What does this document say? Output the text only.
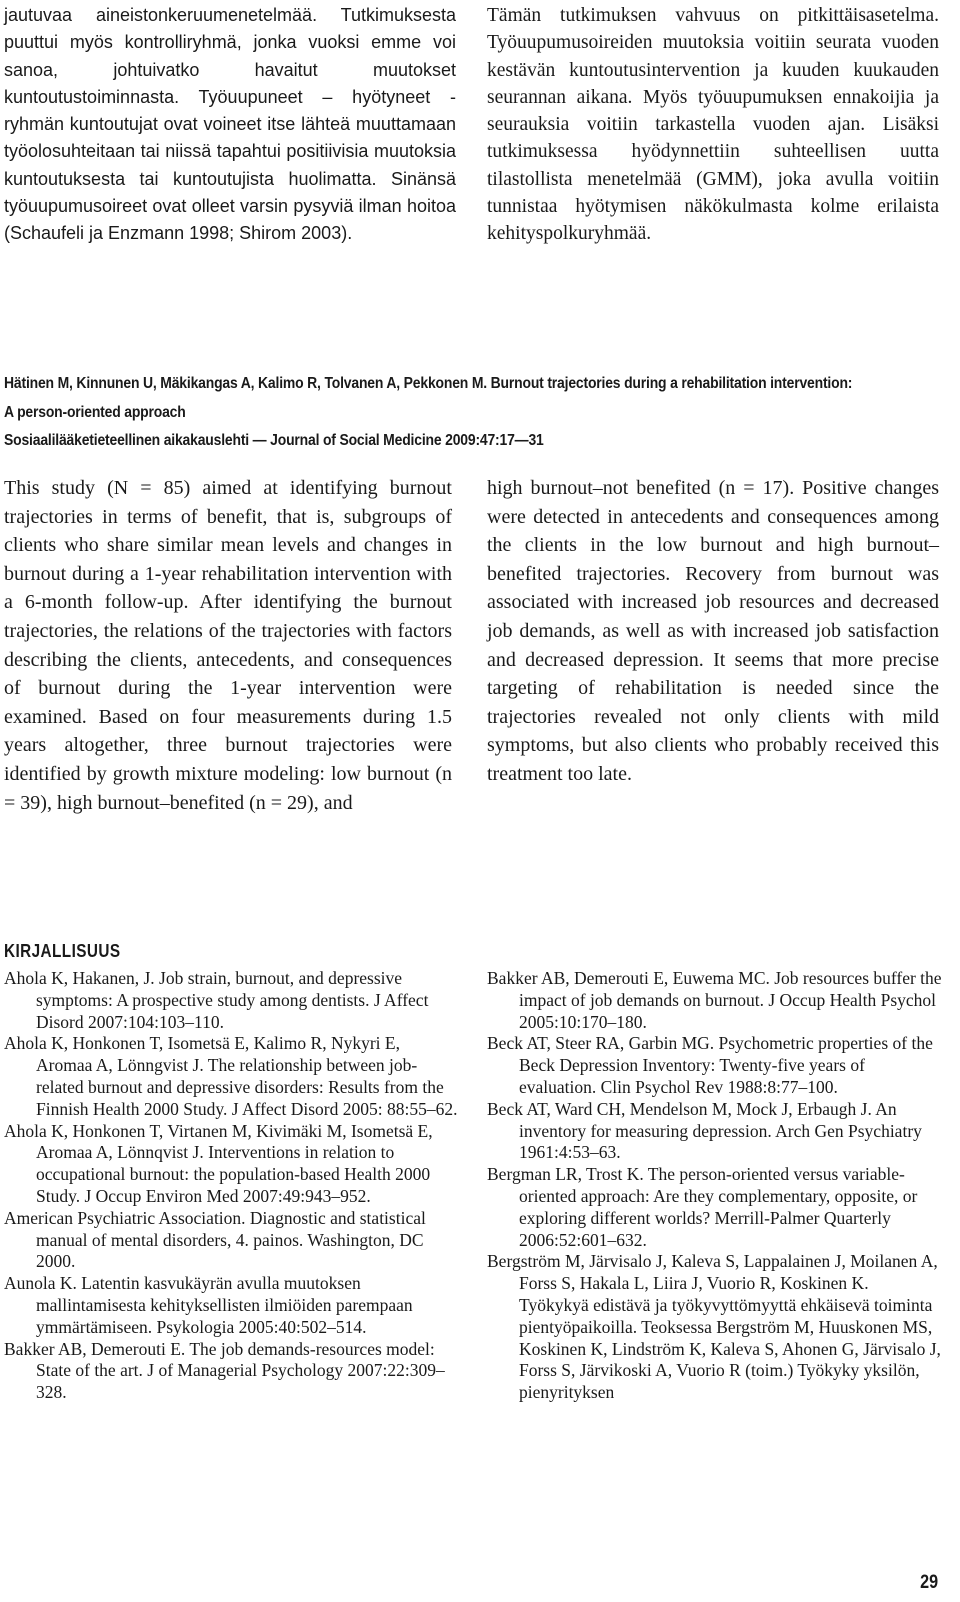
jautuvaa aineistonkeruumenetelmää. Tutkimuksesta puuttui myös kontrolliryhmä, jonka vuoksi emme voi sanoa, johtuivatko havaitut muutokset kuntoutustoiminnasta. Työuupuneet – hyötyneet -ryhmän kuntoutujat ovat voineet itse lähteä muuttamaan työolosuhteitaan tai niissä tapahtui positiivisia muutoksia kuntoutuksesta tai kuntoutujista huolimatta. Sinänsä työuupumusoireet ovat olleet varsin pysyviä ilman hoitoa (Schaufeli ja Enzmann 1998; Shirom 2003).

Tämän tutkimuksen vahvuus on pitkittäisasetelma. Työuupumusoireiden muutoksia voitiin seurata vuoden kestävän kuntoutusintervention ja kuuden kuukauden seurannan aikana. Myös työuupumuksen ennakoijia ja seurauksia voitiin tarkastella vuoden ajan. Lisäksi tutkimuksessa hyödynnettiin suhteellisen uutta tilastollista menetelmää (GMM), joka avulla voitiin tunnistaa hyötymisen näkökulmasta kolme erilaista kehityspolkuryhmää.

Hätinen M, Kinnunen U, Mäkikangas A, Kalimo R, Tolvanen A, Pekkonen M. Burnout trajectories during a rehabilitation intervention:
A person-oriented approach
Sosiaalilääketieteellinen aikakauslehti — Journal of Social Medicine 2009:47:17—31

This study (N = 85) aimed at identifying burnout trajectories in terms of benefit, that is, subgroups of clients who share similar mean levels and changes in burnout during a 1-year rehabilitation intervention with a 6-month follow-up. After identifying the burnout trajectories, the relations of the trajectories with factors describing the clients, antecedents, and consequences of burnout during the 1-year intervention were examined. Based on four measurements during 1.5 years altogether, three burnout trajectories were identified by growth mixture modeling: low burnout (n = 39), high burnout–benefited (n = 29), and

high burnout–not benefited (n = 17). Positive changes were detected in antecedents and consequences among the clients in the low burnout and high burnout–benefited trajectories. Recovery from burnout was associated with increased job resources and decreased job demands, as well as with increased job satisfaction and decreased depression. It seems that more precise targeting of rehabilitation is needed since the trajectories revealed not only clients with mild symptoms, but also clients who probably received this treatment too late.

KIRJALLISUUS

Ahola K, Hakanen, J. Job strain, burnout, and depressive symptoms: A prospective study among dentists. J Affect Disord 2007:104:103–110.

Ahola K, Honkonen T, Isometsä E, Kalimo R, Nykyri E, Aromaa A, Lönngvist J. The relationship between job-related burnout and depressive disorders: Results from the Finnish Health 2000 Study. J Affect Disord 2005: 88:55–62.

Ahola K, Honkonen T, Virtanen M, Kivimäki M, Isometsä E, Aromaa A, Lönnqvist J. Interventions in relation to occupational burnout: the population-based Health 2000 Study. J Occup Environ Med 2007:49:943–952.

American Psychiatric Association. Diagnostic and statistical manual of mental disorders, 4. painos. Washington, DC 2000.

Aunola K. Latentin kasvukäyrän avulla muutoksen mallintamisesta kehityksellisten ilmiöiden parempaan ymmärtämiseen. Psykologia 2005:40:502–514.

Bakker AB, Demerouti E. The job demands-resources model: State of the art. J of Managerial Psychology 2007:22:309–328.

Bakker AB, Demerouti E, Euwema MC. Job resources buffer the impact of job demands on burnout. J Occup Health Psychol 2005:10:170–180.

Beck AT, Steer RA, Garbin MG. Psychometric properties of the Beck Depression Inventory: Twenty-five years of evaluation. Clin Psychol Rev 1988:8:77–100.

Beck AT, Ward CH, Mendelson M, Mock J, Erbaugh J. An inventory for measuring depression. Arch Gen Psychiatry 1961:4:53–63.

Bergman LR, Trost K. The person-oriented versus variable-oriented approach: Are they complementary, opposite, or exploring different worlds? Merrill-Palmer Quarterly 2006:52:601–632.

Bergström M, Järvisalo J, Kaleva S, Lappalainen J, Moilanen A, Forss S, Hakala L, Liira J, Vuorio R, Koskinen K. Työkykyä edistävä ja työkyvyttömyyttä ehkäisevä toiminta pientyöpaikoilla. Teoksessa Bergström M, Huuskonen MS, Koskinen K, Lindström K, Kaleva S, Ahonen G, Järvisalo J, Forss S, Järvikoski A, Vuorio R (toim.) Työkyky yksilön, pienyrityksen

29
